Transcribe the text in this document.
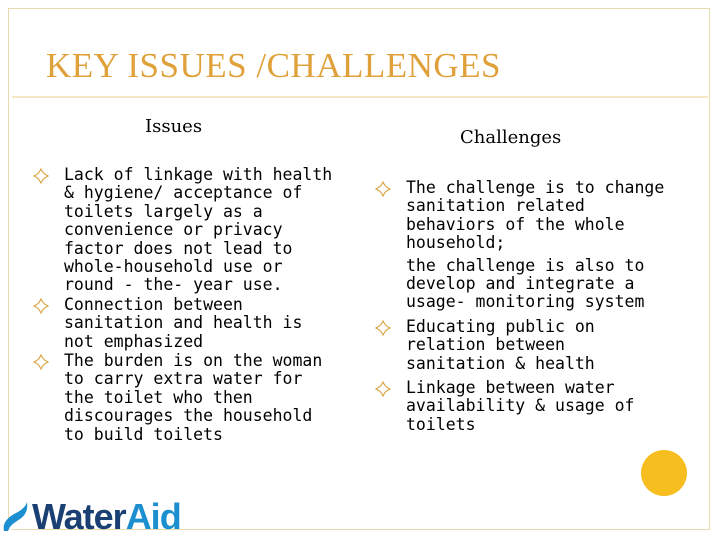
KEY ISSUES /CHALLENGES
Issues
Challenges
Lack of linkage with health & hygiene/ acceptance of toilets largely as a convenience or privacy factor does not lead to whole-household use or round - the- year use.
Connection between sanitation and health is not emphasized
The burden is on the woman to carry extra water for the toilet who then discourages the household to build toilets
The challenge is to change sanitation related behaviors of the whole household;
the challenge is also to develop and integrate a usage- monitoring system
Educating public on relation between sanitation & health
Linkage between water availability & usage of toilets
WaterAid
